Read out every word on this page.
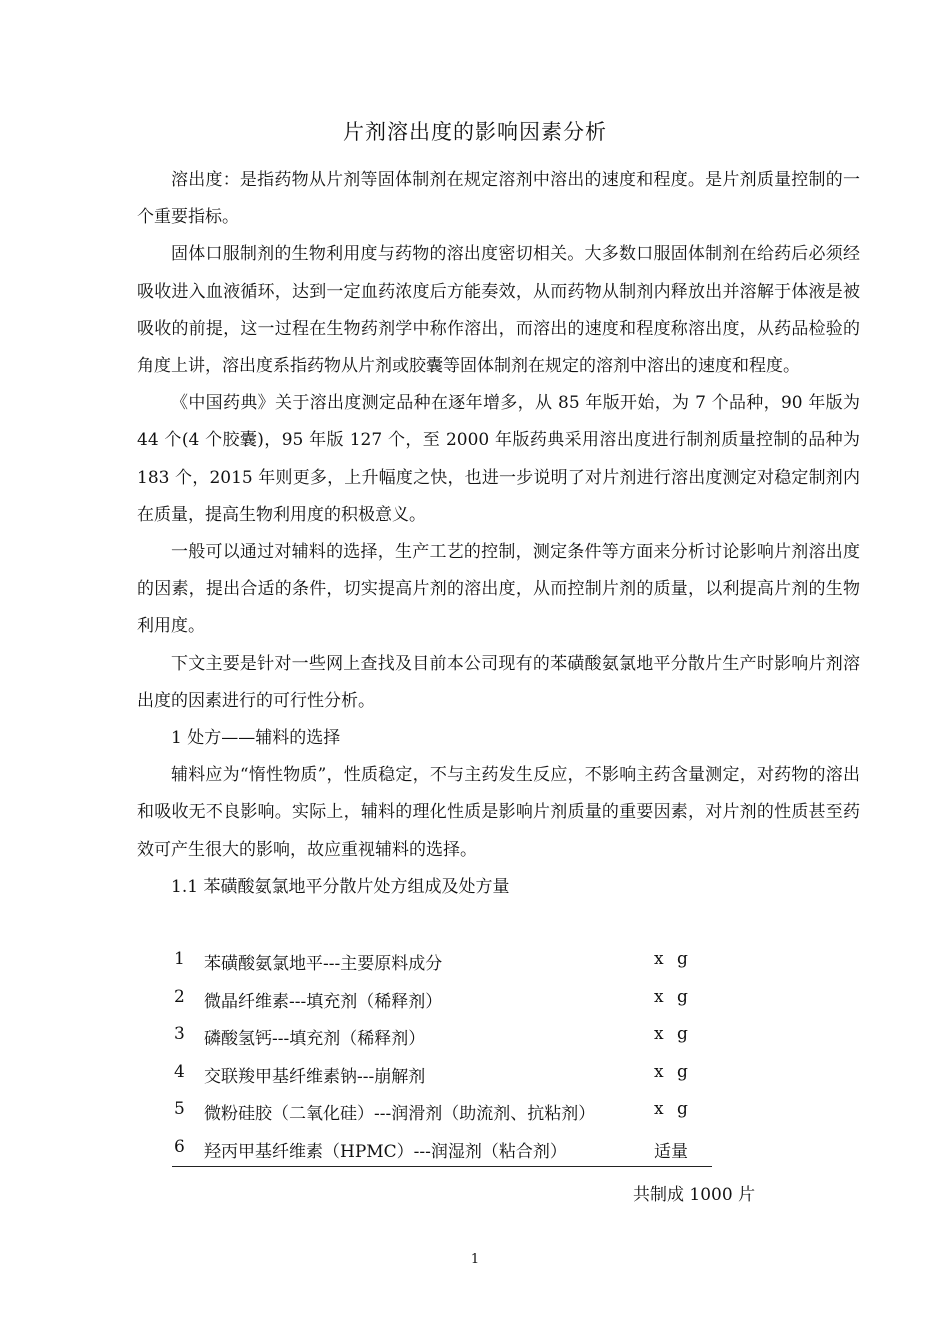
片剂溶出度的影响因素分析

溶出度：是指药物从片剂等固体制剂在规定溶剂中溶出的速度和程度。是片剂质量控制的一个重要指标。

固体口服制剂的生物利用度与药物的溶出度密切相关。大多数口服固体制剂在给药后必须经吸收进入血液循环，达到一定血药浓度后方能奏效，从而药物从制剂内释放出并溶解于体液是被吸收的前提，这一过程在生物药剂学中称作溶出，而溶出的速度和程度称溶出度，从药品检验的角度上讲，溶出度系指药物从片剂或胶囊等固体制剂在规定的溶剂中溶出的速度和程度。

《中国药典》关于溶出度测定品种在逐年增多，从 85 年版开始，为 7 个品种，90 年版为 44 个(4 个胶囊)，95 年版 127 个，至 2000 年版药典采用溶出度进行制剂质量控制的品种为 183 个，2015 年则更多，上升幅度之快，也进一步说明了对片剂进行溶出度测定对稳定制剂内在质量，提高生物利用度的积极意义。

一般可以通过对辅料的选择，生产工艺的控制，测定条件等方面来分析讨论影响片剂溶出度的因素，提出合适的条件，切实提高片剂的溶出度，从而控制片剂的质量，以利提高片剂的生物利用度。

下文主要是针对一些网上查找及目前本公司现有的苯磺酸氨氯地平分散片生产时影响片剂溶出度的因素进行的可行性分析。

1 处方——辅料的选择

辅料应为“惰性物质”，性质稳定，不与主药发生反应，不影响主药含量测定，对药物的溶出和吸收无不良影响。实际上，辅料的理化性质是影响片剂质量的重要因素，对片剂的性质甚至药效可产生很大的影响，故应重视辅料的选择。

1.1 苯磺酸氨氯地平分散片处方组成及处方量

1 苯磺酸氨氯地平---主要原料成分	x g
2 微晶纤维素---填充剂（稀释剂）	x g
3 磷酸氢钙---填充剂（稀释剂）	x g
4 交联羧甲基纤维素钠---崩解剂	x g
5 微粉硅胶（二氧化硅）---润滑剂（助流剂、抗粘剂）	x g
6 羟丙甲基纤维素（HPMC）---润湿剂（粘合剂）	适量
共制成 1000 片
1
